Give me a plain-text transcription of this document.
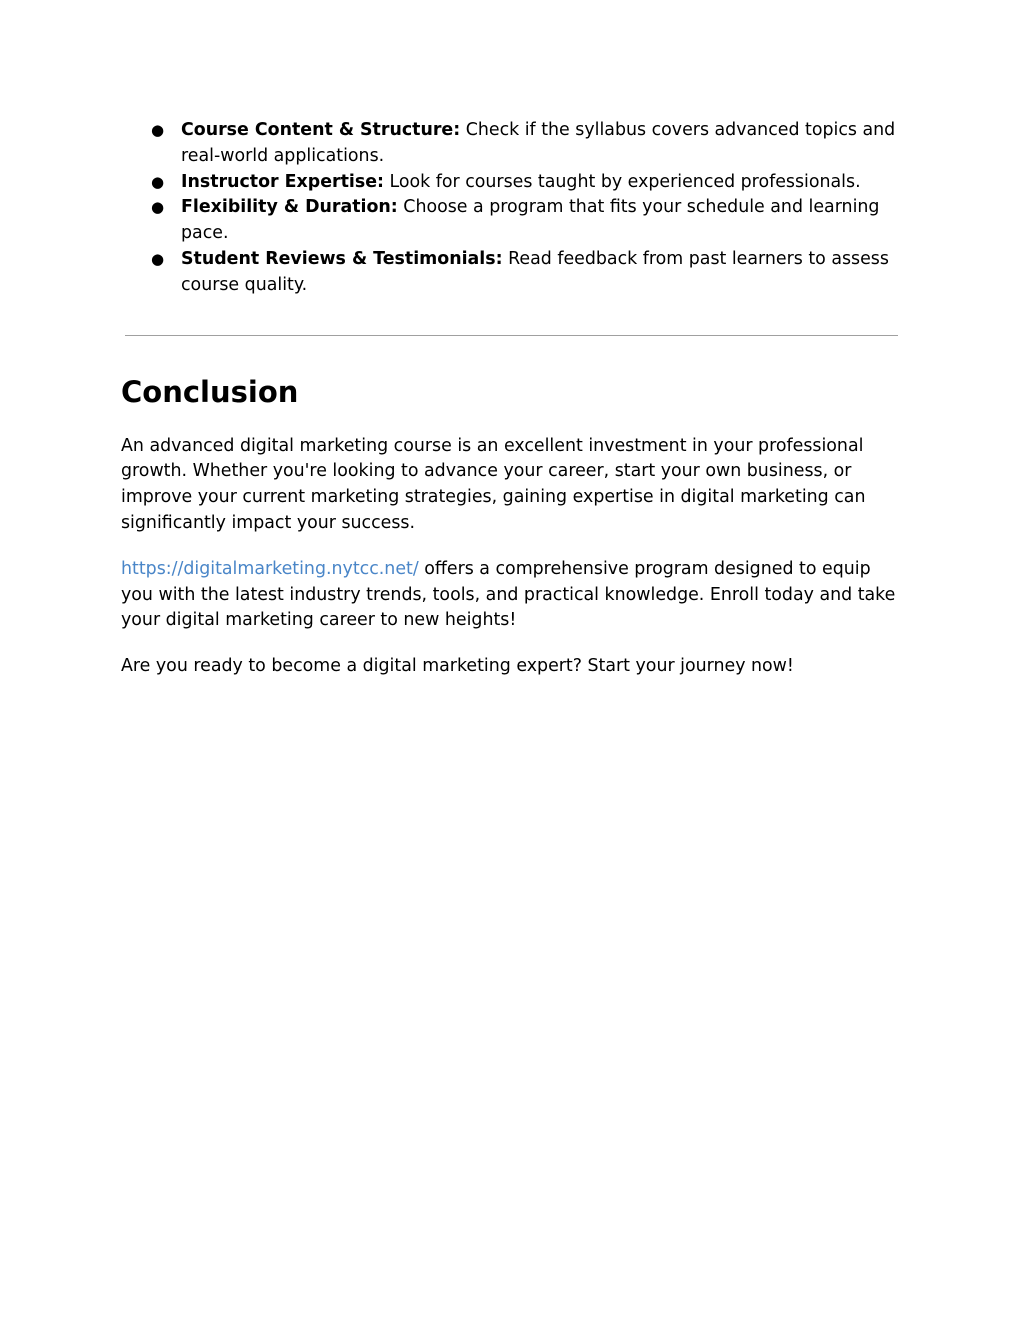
● Course Content & Structure: Check if the syllabus covers advanced topics and real-world applications.
● Instructor Expertise: Look for courses taught by experienced professionals.
● Flexibility & Duration: Choose a program that fits your schedule and learning pace.
● Student Reviews & Testimonials: Read feedback from past learners to assess course quality.
Conclusion

An advanced digital marketing course is an excellent investment in your professional growth. Whether you're looking to advance your career, start your own business, or improve your current marketing strategies, gaining expertise in digital marketing can significantly impact your success.

https://digitalmarketing.nytcc.net/ offers a comprehensive program designed to equip you with the latest industry trends, tools, and practical knowledge. Enroll today and take your digital marketing career to new heights!

Are you ready to become a digital marketing expert? Start your journey now!
